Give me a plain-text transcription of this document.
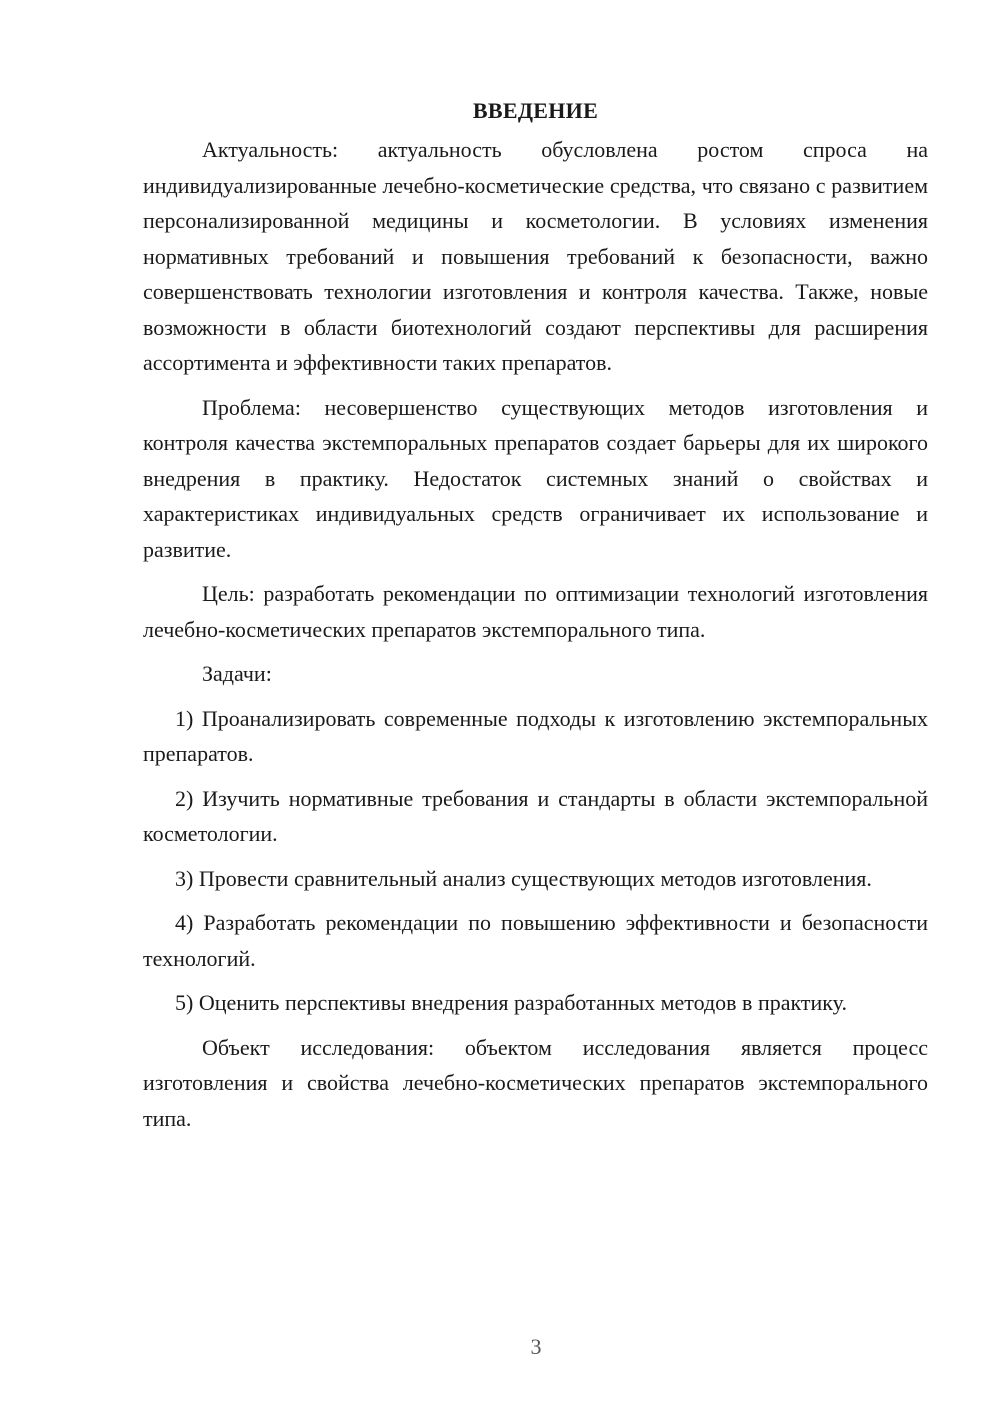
ВВЕДЕНИЕ

Актуальность: актуальность обусловлена ростом спроса на индивидуализированные лечебно-косметические средства, что связано с развитием персонализированной медицины и косметологии. В условиях изменения нормативных требований и повышения требований к безопасности, важно совершенствовать технологии изготовления и контроля качества. Также, новые возможности в области биотехнологий создают перспективы для расширения ассортимента и эффективности таких препаратов.

Проблема: несовершенство существующих методов изготовления и контроля качества экстемпоральных препаратов создает барьеры для их широкого внедрения в практику. Недостаток системных знаний о свойствах и характеристиках индивидуальных средств ограничивает их использование и развитие.

Цель: разработать рекомендации по оптимизации технологий изготовления лечебно-косметических препаратов экстемпорального типа.

Задачи:

1) Проанализировать современные подходы к изготовлению экстемпоральных препаратов.

2) Изучить нормативные требования и стандарты в области экстемпоральной косметологии.

3) Провести сравнительный анализ существующих методов изготовления.

4) Разработать рекомендации по повышению эффективности и безопасности технологий.

5) Оценить перспективы внедрения разработанных методов в практику.

Объект исследования: объектом исследования является процесс изготовления и свойства лечебно-косметических препаратов экстемпорального типа.

3
